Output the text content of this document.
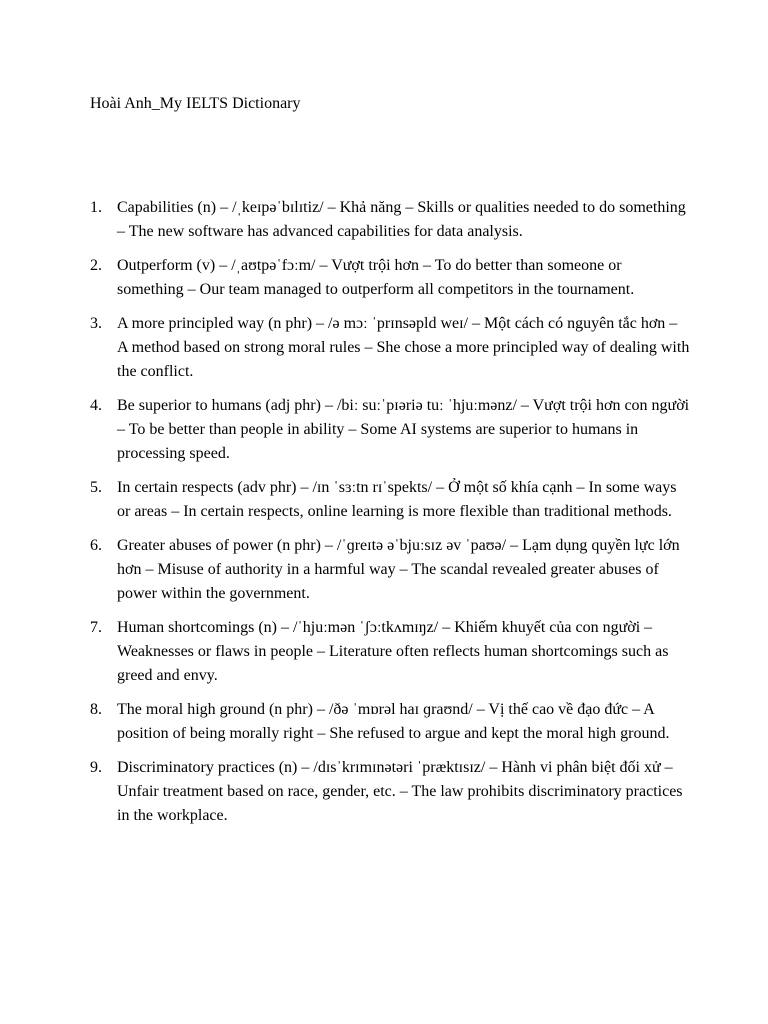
Hoài Anh_My IELTS Dictionary
1. Capabilities (n) – /ˌkeɪpəˈbɪlɪtiz/ – Khả năng – Skills or qualities needed to do something – The new software has advanced capabilities for data analysis.
2. Outperform (v) – /ˌaʊtpəˈfɔːm/ – Vượt trội hơn – To do better than someone or something – Our team managed to outperform all competitors in the tournament.
3. A more principled way (n phr) – /ə mɔː ˈprɪnsəpld weɪ/ – Một cách có nguyên tắc hơn – A method based on strong moral rules – She chose a more principled way of dealing with the conflict.
4. Be superior to humans (adj phr) – /biː suːˈpɪəriə tuː ˈhjuːmənz/ – Vượt trội hơn con người – To be better than people in ability – Some AI systems are superior to humans in processing speed.
5. In certain respects (adv phr) – /ɪn ˈsɜːtn rɪˈspekts/ – Ở một số khía cạnh – In some ways or areas – In certain respects, online learning is more flexible than traditional methods.
6. Greater abuses of power (n phr) – /ˈɡreɪtə əˈbjuːsɪz əv ˈpaʊə/ – Lạm dụng quyền lực lớn hơn – Misuse of authority in a harmful way – The scandal revealed greater abuses of power within the government.
7. Human shortcomings (n) – /ˈhjuːmən ˈʃɔːtkʌmɪŋz/ – Khiếm khuyết của con người – Weaknesses or flaws in people – Literature often reflects human shortcomings such as greed and envy.
8. The moral high ground (n phr) – /ðə ˈmɒrəl haɪ ɡraʊnd/ – Vị thế cao về đạo đức – A position of being morally right – She refused to argue and kept the moral high ground.
9. Discriminatory practices (n) – /dɪsˈkrɪmɪnətəri ˈpræktɪsɪz/ – Hành vi phân biệt đối xử – Unfair treatment based on race, gender, etc. – The law prohibits discriminatory practices in the workplace.
